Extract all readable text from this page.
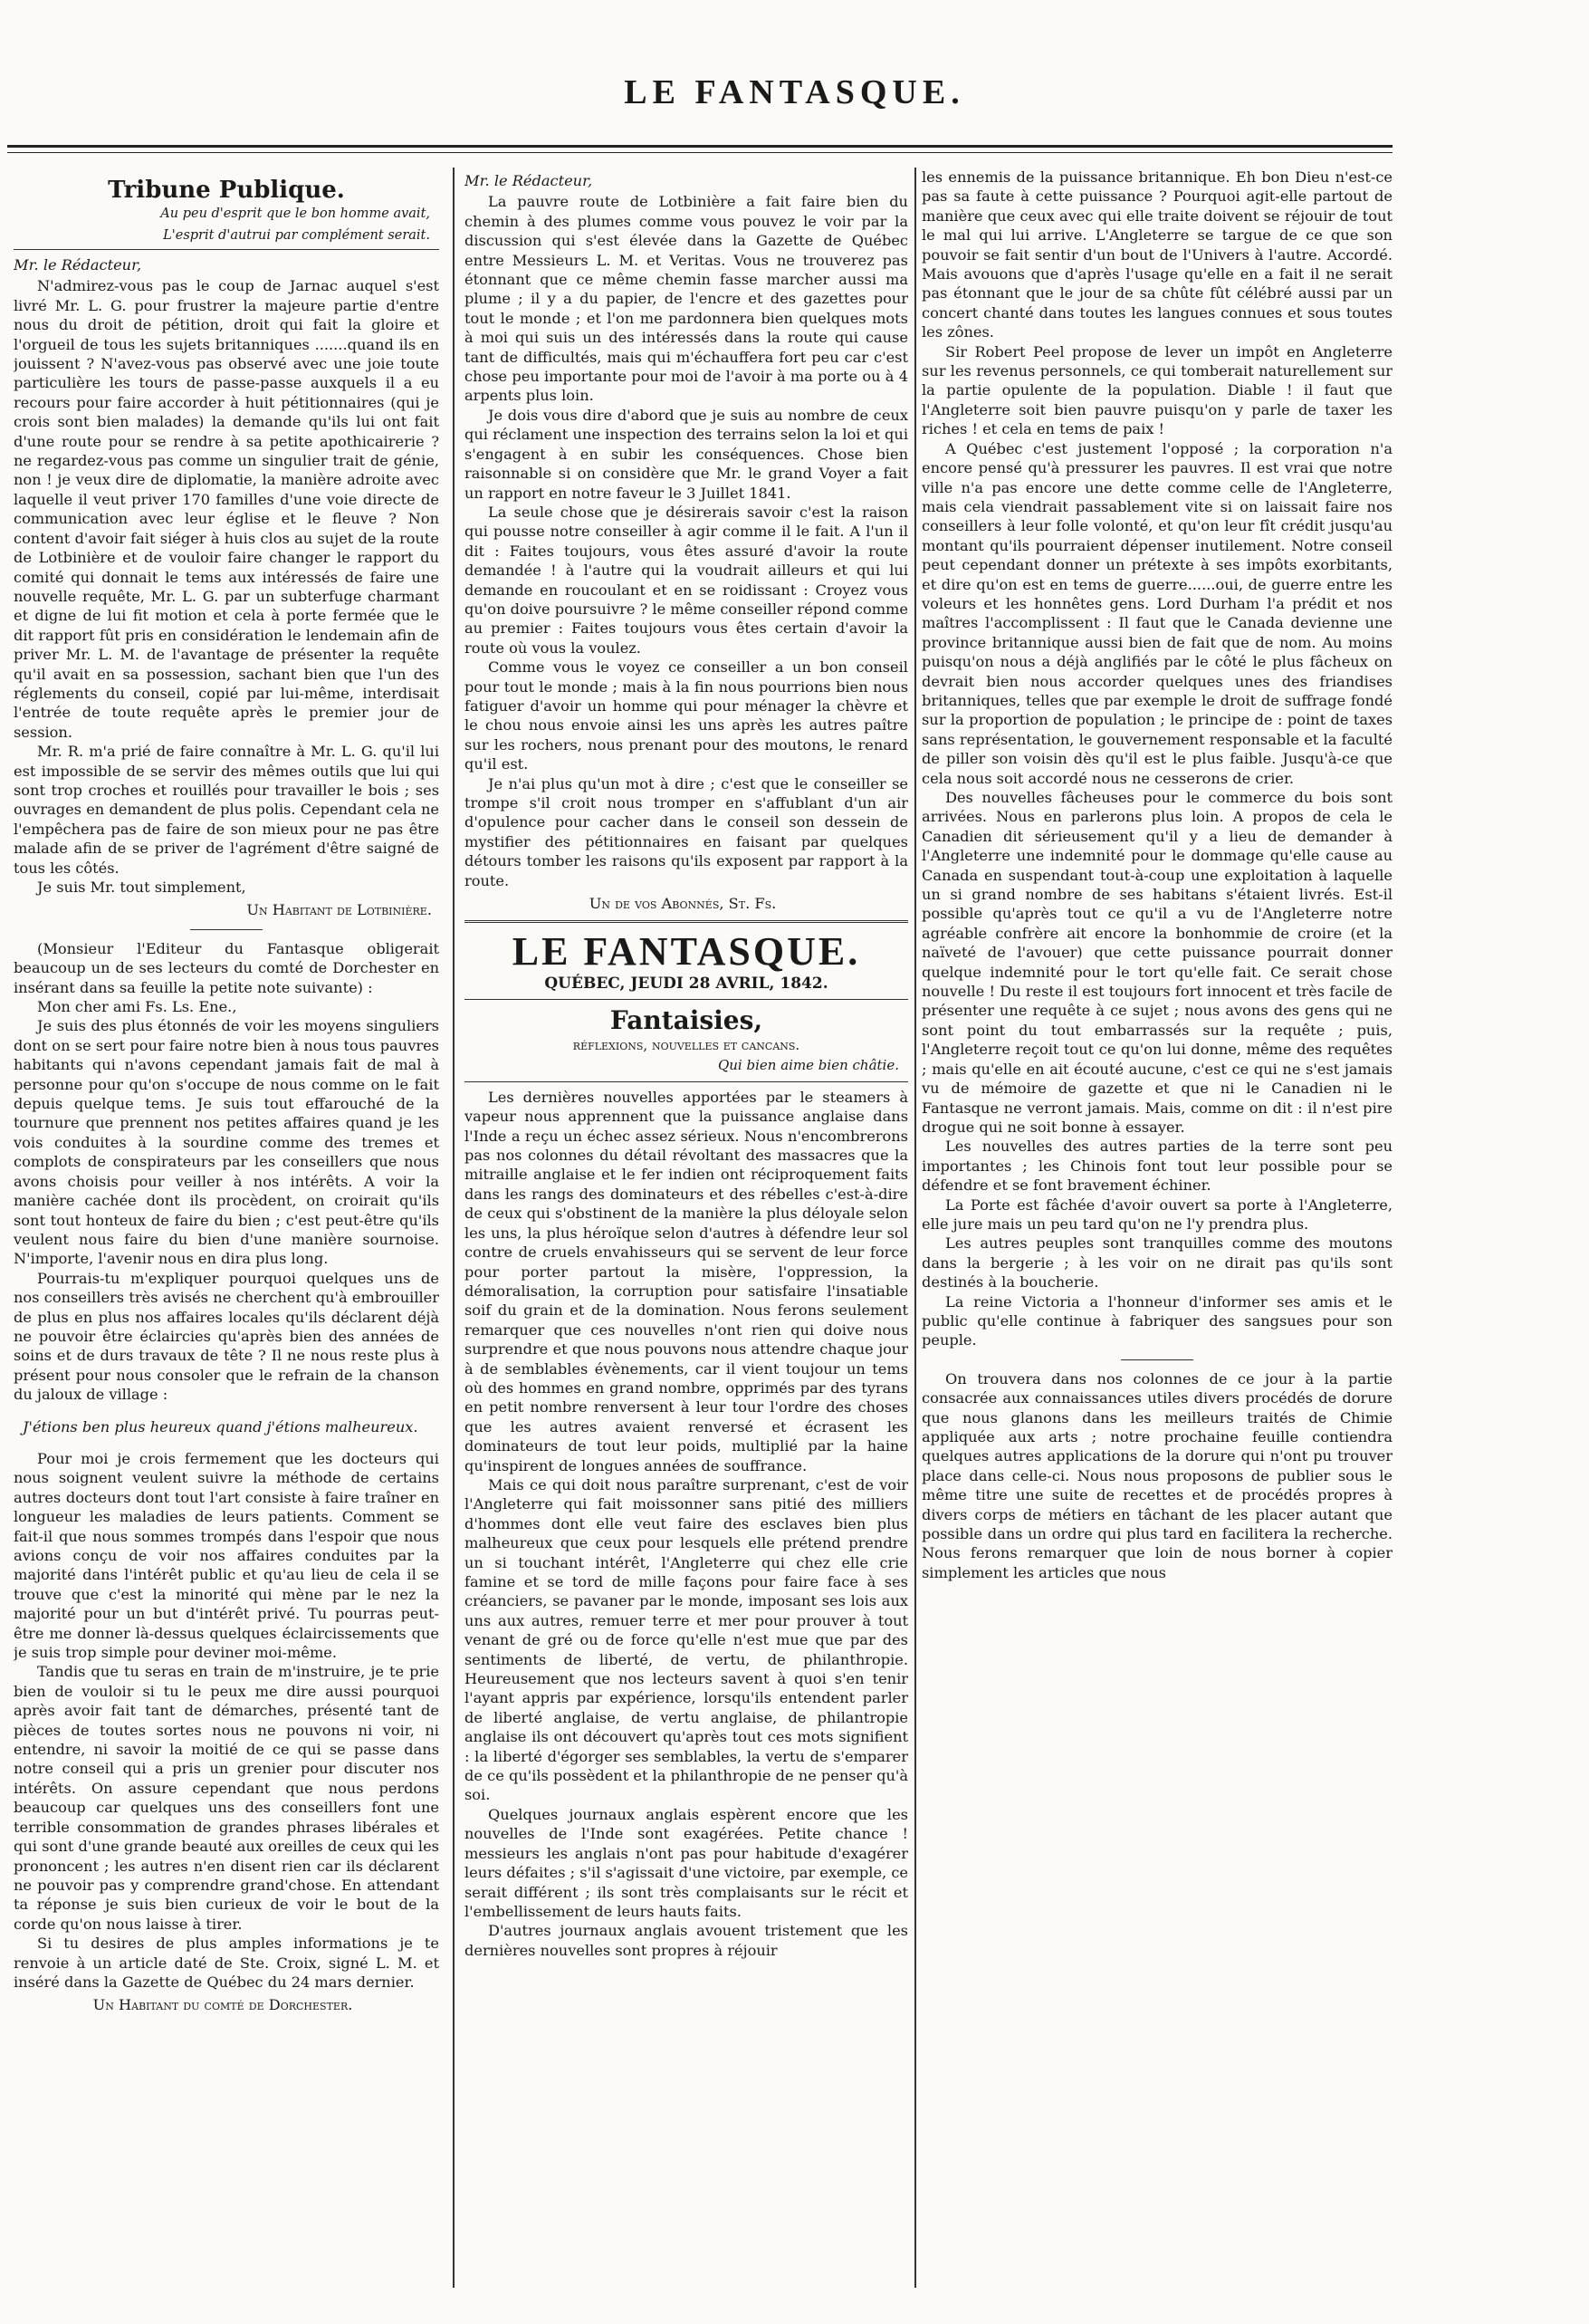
LE FANTASQUE.
Tribune Publique.
Au peu d'esprit que le bon homme avait,
L'esprit d'autrui par complément serait.
Mr. le Rédacteur,

N'admirez-vous pas le coup de Jarnac auquel s'est livré Mr. L. G. pour frustrer la majeure partie d'entre nous du droit de pétition, droit qui fait la gloire et l'orgueil de tous les sujets britanniques .......quand ils en jouissent ? N'avez-vous pas observé avec une joie toute particulière les tours de passe-passe auxquels il a eu recours pour faire accorder à huit pétitionnaires (qui je crois sont bien malades) la demande qu'ils lui ont fait d'une route pour se rendre à sa petite apothicairerie ? ne regardez-vous pas comme un singulier trait de génie, non ! je veux dire de diplomatie, la manière adroite avec laquelle il veut priver 170 familles d'une voie directe de communication avec leur église et le fleuve ? Non content d'avoir fait siéger à huis clos au sujet de la route de Lotbinière et de vouloir faire changer le rapport du comité qui donnait le tems aux intéressés de faire une nouvelle requête, Mr. L. G. par un subterfuge charmant et digne de lui fit motion et cela à porte fermée que le dit rapport fût pris en considération le lendemain afin de priver Mr. L. M. de l'avantage de présenter la requête qu'il avait en sa possession, sachant bien que l'un des réglements du conseil, copié par lui-même, interdisait l'entrée de toute requête après le premier jour de session.

Mr. R. m'a prié de faire connaître à Mr. L. G. qu'il lui est impossible de se servir des mêmes outils que lui qui sont trop croches et rouillés pour travailler le bois ; ses ouvrages en demandent de plus polis. Cependant cela ne l'empêchera pas de faire de son mieux pour ne pas être malade afin de se priver de l'agrément d'être saigné de tous les côtés.

Je suis Mr. tout simplement,

Un Habitant de Lotbinière.

(Monsieur l'Editeur du Fantasque obligerait beaucoup un de ses lecteurs du comté de Dorchester en insérant dans sa feuille la petite note suivante) :

Mon cher ami Fs. Ls. Ene.,

Je suis des plus étonnés de voir les moyens singuliers dont on se sert pour faire notre bien à nous tous pauvres habitants qui n'avons cependant jamais fait de mal à personne pour qu'on s'occupe de nous comme on le fait depuis quelque tems. Je suis tout effarouché de la tournure que prennent nos petites affaires quand je les vois conduites à la sourdine comme des tremes et complots de conspirateurs par les conseillers que nous avons choisis pour veiller à nos intérêts. A voir la manière cachée dont ils procèdent, on croirait qu'ils sont tout honteux de faire du bien ; c'est peut-être qu'ils veulent nous faire du bien d'une manière sournoise. N'importe, l'avenir nous en dira plus long.

Pourrais-tu m'expliquer pourquoi quelques uns de nos conseillers très avisés ne cherchent qu'à embrouiller de plus en plus nos affaires locales qu'ils déclarent déjà ne pouvoir être éclaircies qu'après bien des années de soins et de durs travaux de tête ? Il ne nous reste plus à présent pour nous consoler que le refrain de la chanson du jaloux de village :

J'étions ben plus heureux quand j'étions malheureux.

Pour moi je crois fermement que les docteurs qui nous soignent veulent suivre la méthode de certains autres docteurs dont tout l'art consiste à faire traîner en longueur les maladies de leurs patients. Comment se fait-il que nous sommes trompés dans l'espoir que nous avions conçu de voir nos affaires conduites par la majorité dans l'intérêt public et qu'au lieu de cela il se trouve que c'est la minorité qui mène par le nez la majorité pour un but d'intérêt privé. Tu pourras peut-être me donner là-dessus quelques éclaircissements que je suis trop simple pour deviner moi-même.

Tandis que tu seras en train de m'instruire, je te prie bien de vouloir si tu le peux me dire aussi pourquoi après avoir fait tant de démarches, présenté tant de pièces de toutes sortes nous ne pouvons ni voir, ni entendre, ni savoir la moitié de ce qui se passe dans notre conseil qui a pris un grenier pour discuter nos intérêts. On assure cependant que nous perdons beaucoup car quelques uns des conseillers font une terrible consommation de grandes phrases libérales et qui sont d'une grande beauté aux oreilles de ceux qui les prononcent ; les autres n'en disent rien car ils déclarent ne pouvoir pas y comprendre grand'chose. En attendant ta réponse je suis bien curieux de voir le bout de la corde qu'on nous laisse à tirer.

Si tu desires de plus amples informations je te renvoie à un article daté de Ste. Croix, signé L. M. et inséré dans la Gazette de Québec du 24 mars dernier.

Un Habitant du comté de Dorchester.
Mr. le Rédacteur,

La pauvre route de Lotbinière a fait faire bien du chemin à des plumes comme vous pouvez le voir par la discussion qui s'est élevée dans la Gazette de Québec entre Messieurs L. M. et Veritas. Vous ne trouverez pas étonnant que ce même chemin fasse marcher aussi ma plume ; il y a du papier, de l'encre et des gazettes pour tout le monde ; et l'on me pardonnera bien quelques mots à moi qui suis un des intéressés dans la route qui cause tant de difficultés, mais qui m'échauffera fort peu car c'est chose peu importante pour moi de l'avoir à ma porte ou à 4 arpents plus loin.

Je dois vous dire d'abord que je suis au nombre de ceux qui réclament une inspection des terrains selon la loi et qui s'engagent à en subir les conséquences. Chose bien raisonnable si on considère que Mr. le grand Voyer a fait un rapport en notre faveur le 3 Juillet 1841.

La seule chose que je désirerais savoir c'est la raison qui pousse notre conseiller à agir comme il le fait. A l'un il dit : Faites toujours, vous êtes assuré d'avoir la route demandée ! à l'autre qui la voudrait ailleurs et qui lui demande en roucoulant et en se roidissant : Croyez vous qu'on doive poursuivre ? le même conseiller répond comme au premier : Faites toujours vous êtes certain d'avoir la route où vous la voulez.

Comme vous le voyez ce conseiller a un bon conseil pour tout le monde ; mais à la fin nous pourrions bien nous fatiguer d'avoir un homme qui pour ménager la chèvre et le chou nous envoie ainsi les uns après les autres paître sur les rochers, nous prenant pour des moutons, le renard qu'il est.

Je n'ai plus qu'un mot à dire ; c'est que le conseiller se trompe s'il croit nous tromper en s'affublant d'un air d'opulence pour cacher dans le conseil son dessein de mystifier des pétitionnaires en faisant par quelques détours tomber les raisons qu'ils exposent par rapport à la route.

Un de vos Abonnés, St. Fs.
LE FANTASQUE.
QUÉBEC, JEUDI 28 AVRIL, 1842.
Fantaisies,
réflexions, nouvelles et cancans.
Qui bien aime bien châtie.

Les dernières nouvelles apportées par le steamers à vapeur nous apprennent que la puissance anglaise dans l'Inde a reçu un échec assez sérieux. Nous n'encombrerons pas nos colonnes du détail révoltant des massacres que la mitraille anglaise et le fer indien ont réciproquement faits dans les rangs des dominateurs et des rébelles c'est-à-dire de ceux qui s'obstinent de la manière la plus déloyale selon les uns, la plus héroïque selon d'autres à défendre leur sol contre de cruels envahisseurs qui se servent de leur force pour porter partout la misère, l'oppression, la démoralisation, la corruption pour satisfaire l'insatiable soif du grain et de la domination. Nous ferons seulement remarquer que ces nouvelles n'ont rien qui doive nous surprendre et que nous pouvons nous attendre chaque jour à de semblables évènements, car il vient toujour un tems où des hommes en grand nombre, opprimés par des tyrans en petit nombre renversent à leur tour l'ordre des choses que les autres avaient renversé et écrasent les dominateurs de tout leur poids, multiplié par la haine qu'inspirent de longues années de souffrance.

Mais ce qui doit nous paraître surprenant, c'est de voir l'Angleterre qui fait moissonner sans pitié des milliers d'hommes dont elle veut faire des esclaves bien plus malheureux que ceux pour lesquels elle prétend prendre un si touchant intérêt, l'Angleterre qui chez elle crie famine et se tord de mille façons pour faire face à ses créanciers, se pavaner par le monde, imposant ses lois aux uns aux autres, remuer terre et mer pour prouver à tout venant de gré ou de force qu'elle n'est mue que par des sentiments de liberté, de vertu, de philanthropie. Heureusement que nos lecteurs savent à quoi s'en tenir l'ayant appris par expérience, lorsqu'ils entendent parler de liberté anglaise, de vertu anglaise, de philantropie anglaise ils ont découvert qu'après tout ces mots signifient : la liberté d'égorger ses semblables, la vertu de s'emparer de ce qu'ils possèdent et la philanthropie de ne penser qu'à soi.

Quelques journaux anglais espèrent encore que les nouvelles de l'Inde sont exagérées. Petite chance ! messieurs les anglais n'ont pas pour habitude d'exagérer leurs défaites ; s'il s'agissait d'une victoire, par exemple, ce serait différent ; ils sont très complaisants sur le récit et l'embellissement de leurs hauts faits.

D'autres journaux anglais avouent tristement que les dernières nouvelles sont propres à réjouir

les ennemis de la puissance britannique. Eh bon Dieu n'est-ce pas sa faute à cette puissance ? Pourquoi agit-elle partout de manière que ceux avec qui elle traite doivent se réjouir de tout le mal qui lui arrive. L'Angleterre se targue de ce que son pouvoir se fait sentir d'un bout de l'Univers à l'autre. Accordé. Mais avouons que d'après l'usage qu'elle en a fait il ne serait pas étonnant que le jour de sa chûte fût célébré aussi par un concert chanté dans toutes les langues connues et sous toutes les zônes.

Sir Robert Peel propose de lever un impôt en Angleterre sur les revenus personnels, ce qui tomberait naturellement sur la partie opulente de la population. Diable ! il faut que l'Angleterre soit bien pauvre puisqu'on y parle de taxer les riches ! et cela en tems de paix !

A Québec c'est justement l'opposé ; la corporation n'a encore pensé qu'à pressurer les pauvres. Il est vrai que notre ville n'a pas encore une dette comme celle de l'Angleterre, mais cela viendrait passablement vite si on laissait faire nos conseillers à leur folle volonté, et qu'on leur fît crédit jusqu'au montant qu'ils pourraient dépenser inutilement. Notre conseil peut cependant donner un prétexte à ses impôts exorbitants, et dire qu'on est en tems de guerre......oui, de guerre entre les voleurs et les honnêtes gens. Lord Durham l'a prédit et nos maîtres l'accomplissent : Il faut que le Canada devienne une province britannique aussi bien de fait que de nom. Au moins puisqu'on nous a déjà anglifiés par le côté le plus fâcheux on devrait bien nous accorder quelques unes des friandises britanniques, telles que par exemple le droit de suffrage fondé sur la proportion de population ; le principe de : point de taxes sans représentation, le gouvernement responsable et la faculté de piller son voisin dès qu'il est le plus faible. Jusqu'à-ce que cela nous soit accordé nous ne cesserons de crier.

Des nouvelles fâcheuses pour le commerce du bois sont arrivées. Nous en parlerons plus loin. A propos de cela le Canadien dit sérieusement qu'il y a lieu de demander à l'Angleterre une indemnité pour le dommage qu'elle cause au Canada en suspendant tout-à-coup une exploitation à laquelle un si grand nombre de ses habitans s'étaient livrés. Est-il possible qu'après tout ce qu'il a vu de l'Angleterre notre agréable confrère ait encore la bonhommie de croire (et la naïveté de l'avouer) que cette puissance pourrait donner quelque indemnité pour le tort qu'elle fait. Ce serait chose nouvelle ! Du reste il est toujours fort innocent et très facile de présenter une requête à ce sujet ; nous avons des gens qui ne sont point du tout embarrassés sur la requête ; puis, l'Angleterre reçoit tout ce qu'on lui donne, même des requêtes ; mais qu'elle en ait écouté aucune, c'est ce qui ne s'est jamais vu de mémoire de gazette et que ni le Canadien ni le Fantasque ne verront jamais. Mais, comme on dit : il n'est pire drogue qui ne soit bonne à essayer.

Les nouvelles des autres parties de la terre sont peu importantes ; les Chinois font tout leur possible pour se défendre et se font bravement échiner.

La Porte est fâchée d'avoir ouvert sa porte à l'Angleterre, elle jure mais un peu tard qu'on ne l'y prendra plus.

Les autres peuples sont tranquilles comme des moutons dans la bergerie ; à les voir on ne dirait pas qu'ils sont destinés à la boucherie.

La reine Victoria a l'honneur d'informer ses amis et le public qu'elle continue à fabriquer des sangsues pour son peuple.

On trouvera dans nos colonnes de ce jour à la partie consacrée aux connaissances utiles divers procédés de dorure que nous glanons dans les meilleurs traités de Chimie appliquée aux arts ; notre prochaine feuille contiendra quelques autres applications de la dorure qui n'ont pu trouver place dans celle-ci. Nous nous proposons de publier sous le même titre une suite de recettes et de procédés propres à divers corps de métiers en tâchant de les placer autant que possible dans un ordre qui plus tard en facilitera la recherche. Nous ferons remarquer que loin de nous borner à copier simplement les articles que nous
